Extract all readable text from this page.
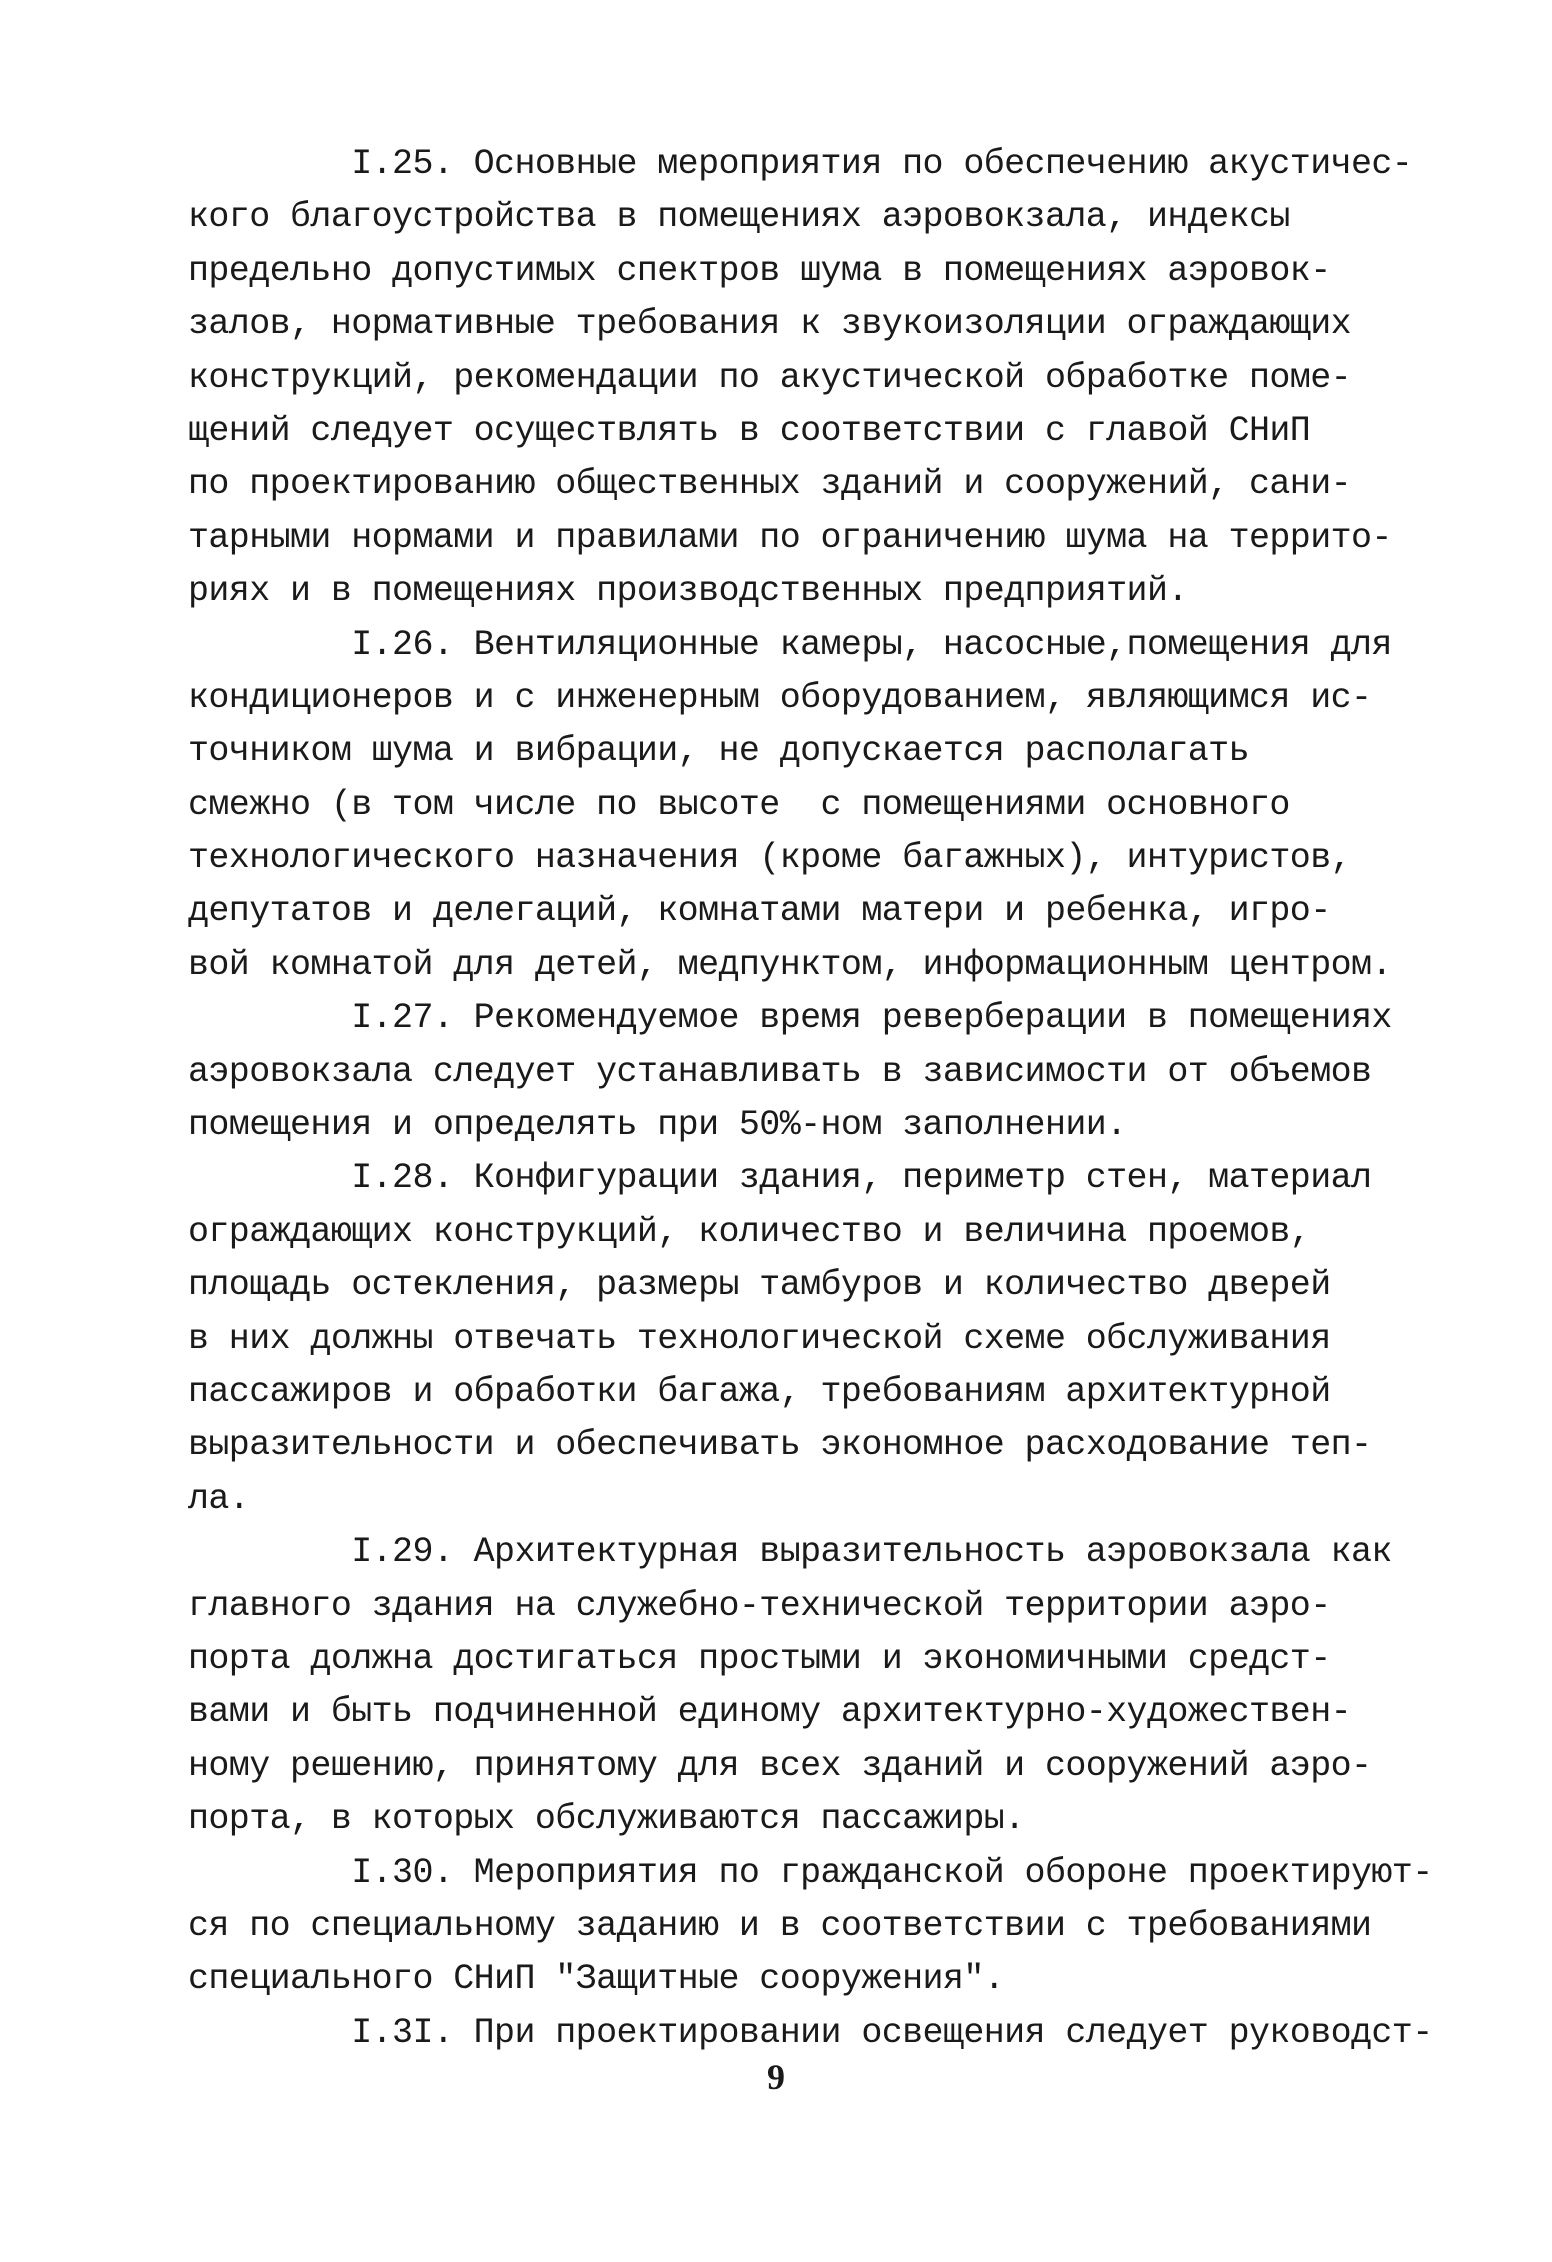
I.25. Основные мероприятия по обеспечению акустичес-
кого благоустройства в помещениях аэровокзала, индексы
предельно допустимых спектров шума в помещениях аэровок-
залов, нормативные требования к звукоизоляции ограждающих
конструкций, рекомендации по акустической обработке поме-
щений следует осуществлять в соответствии с главой СНиП
по проектированию общественных зданий и сооружений, сани-
тарными нормами и правилами по ограничению шума на террито-
риях и в помещениях производственных предприятий.

I.26. Вентиляционные камеры, насосные,помещения для
кондиционеров и с инженерным оборудованием, являющимся ис-
точником шума и вибрации, не допускается располагать
смежно (в том числе по высоте  с помещениями основного
технологического назначения (кроме багажных), интуристов,
депутатов и делегаций, комнатами матери и ребенка, игро-
вой комнатой для детей, медпунктом, информационным центром.

I.27. Рекомендуемое время реверберации в помещениях
аэровокзала следует устанавливать в зависимости от объемов
помещения и определять при 50%-ном заполнении.

I.28. Конфигурации здания, периметр стен, материал
ограждающих конструкций, количество и величина проемов,
площадь остекления, размеры тамбуров и количество дверей
в них должны отвечать технологической схеме обслуживания
пассажиров и обработки багажа, требованиям архитектурной
выразительности и обеспечивать экономное расходование теп-
ла.

I.29. Архитектурная выразительность аэровокзала как
главного здания на служебно-технической территории аэро-
порта должна достигаться простыми и экономичными средст-
вами и быть подчиненной единому архитектурно-художествен-
ному решению, принятому для всех зданий и сооружений аэро-
порта, в которых обслуживаются пассажиры.

I.30. Мероприятия по гражданской обороне проектируют-
ся по специальному заданию и в соответствии с требованиями
специального СНиП "Защитные сооружения".

I.3I. При проектировании освещения следует руководст-

9
